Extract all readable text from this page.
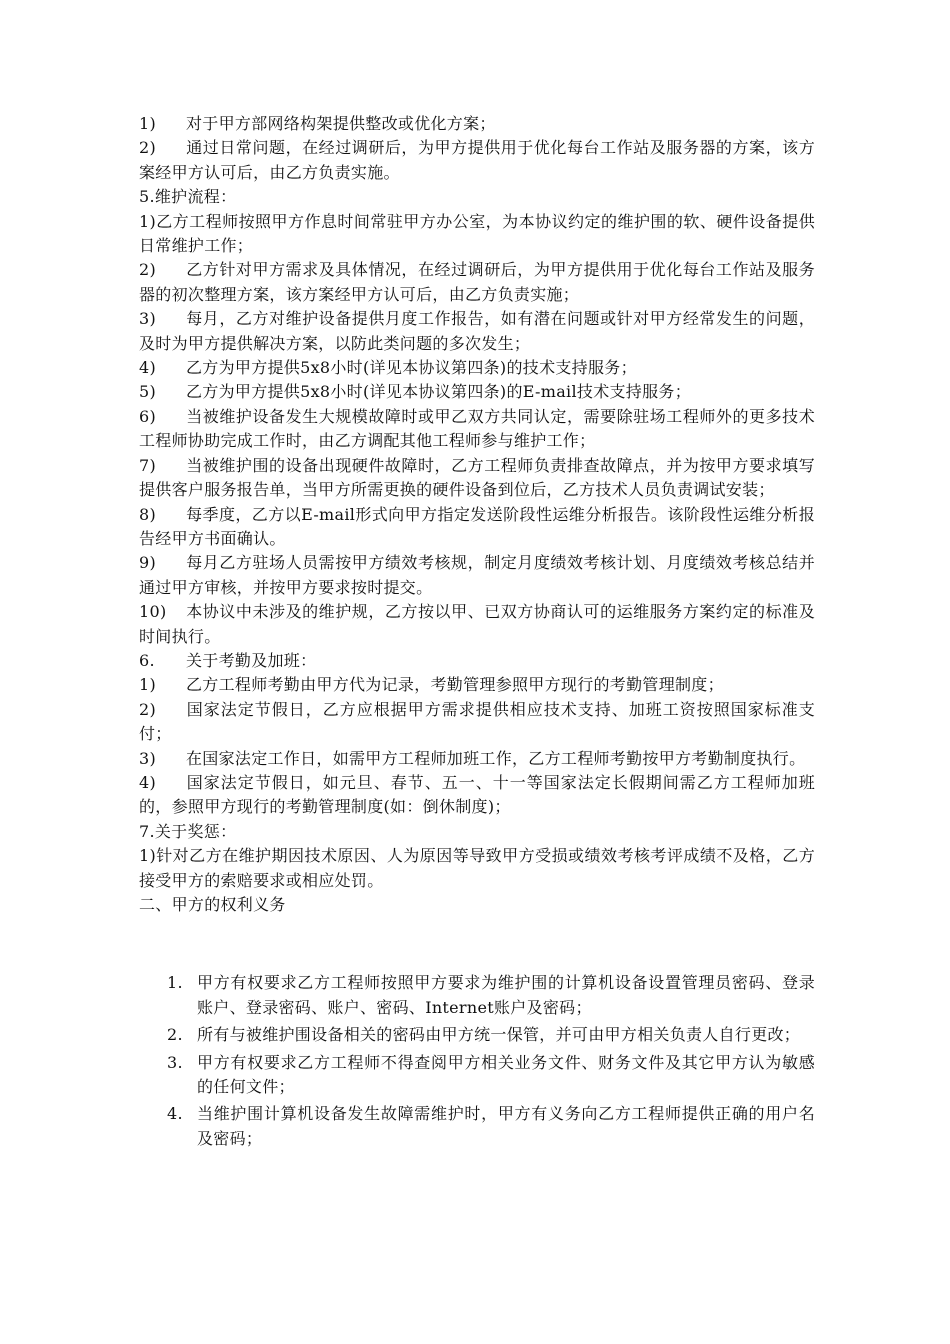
1) 对于甲方部网络构架提供整改或优化方案；
2) 通过日常问题，在经过调研后，为甲方提供用于优化每台工作站及服务器的方案，该方案经甲方认可后，由乙方负责实施。
5.维护流程：
1)乙方工程师按照甲方作息时间常驻甲方办公室，为本协议约定的维护围的软、硬件设备提供日常维护工作；
2) 乙方针对甲方需求及具体情况，在经过调研后，为甲方提供用于优化每台工作站及服务器的初次整理方案，该方案经甲方认可后，由乙方负责实施；
3) 每月，乙方对维护设备提供月度工作报告，如有潜在问题或针对甲方经常发生的问题，及时为甲方提供解决方案，以防此类问题的多次发生；
4) 乙方为甲方提供5x8小时(详见本协议第四条)的技术支持服务；
5) 乙方为甲方提供5x8小时(详见本协议第四条)的E-mail技术支持服务；
6) 当被维护设备发生大规模故障时或甲乙双方共同认定，需要除驻场工程师外的更多技术工程师协助完成工作时，由乙方调配其他工程师参与维护工作；
7) 当被维护围的设备出现硬件故障时，乙方工程师负责排查故障点，并为按甲方要求填写提供客户服务报告单，当甲方所需更换的硬件设备到位后，乙方技术人员负责调试安装；
8) 每季度，乙方以E-mail形式向甲方指定发送阶段性运维分析报告。该阶段性运维分析报告经甲方书面确认。
9) 每月乙方驻场人员需按甲方绩效考核规，制定月度绩效考核计划、月度绩效考核总结并通过甲方审核，并按甲方要求按时提交。
10) 本协议中未涉及的维护规，乙方按以甲、已双方协商认可的运维服务方案约定的标准及时间执行。
6. 关于考勤及加班：
1) 乙方工程师考勤由甲方代为记录，考勤管理参照甲方现行的考勤管理制度；
2) 国家法定节假日，乙方应根据甲方需求提供相应技术支持、加班工资按照国家标准支付；
3) 在国家法定工作日，如需甲方工程师加班工作，乙方工程师考勤按甲方考勤制度执行。
4) 国家法定节假日，如元旦、春节、五一、十一等国家法定长假期间需乙方工程师加班的，参照甲方现行的考勤管理制度(如：倒休制度)；
7.关于奖惩：
1)针对乙方在维护期因技术原因、人为原因等导致甲方受损或绩效考核考评成绩不及格，乙方接受甲方的索赔要求或相应处罚。
二、甲方的权利义务
1. 甲方有权要求乙方工程师按照甲方要求为维护围的计算机设备设置管理员密码、登录账户、登录密码、账户、密码、Internet账户及密码；
2. 所有与被维护围设备相关的密码由甲方统一保管，并可由甲方相关负责人自行更改；
3. 甲方有权要求乙方工程师不得查阅甲方相关业务文件、财务文件及其它甲方认为敏感的任何文件；
4. 当维护围计算机设备发生故障需维护时，甲方有义务向乙方工程师提供正确的用户名及密码；
